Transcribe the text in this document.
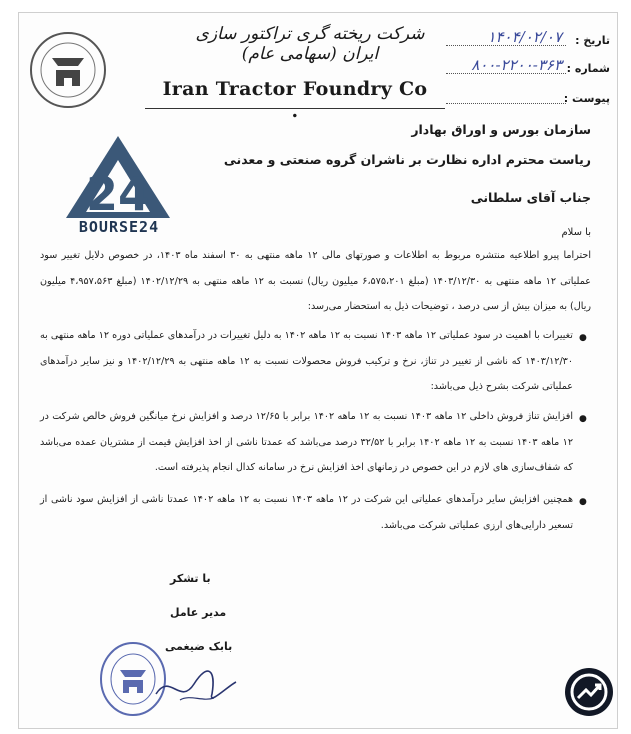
شرکت ریخته گری تراکتور سازی ایران (سهامی عام)
Iran Tractor Foundry Co .
تاریخ :
۱۴۰۴/۰۲/۰۷
شماره :
۸۰۰-۲۲۰۰-۳۶۳
پیوست :
24
BOURSE24
سازمان بورس و اوراق بهادار
ریاست محترم اداره نظارت بر ناشران گروه صنعتی و معدنی
جناب آقای سلطانی
با سلام
احتراما پیرو اطلاعیه منتشره مربوط به اطلاعات و صورتهای مالی ۱۲ ماهه منتهی به ۳۰ اسفند ماه ۱۴۰۳، در خصوص دلایل تغییر سود عملیاتی ۱۲ ماهه منتهی به ۱۴۰۳/۱۲/۳۰ (مبلغ ۶،۵۷۵،۲۰۱ میلیون ریال) نسبت به ۱۲ ماهه منتهی به ۱۴۰۲/۱۲/۲۹ (مبلغ ۴،۹۵۷،۵۶۳ میلیون ریال) به میزان بیش از سی درصد ، توضیحات ذیل به استحضار می‌رسد:
●
تغییرات با اهمیت در سود عملیاتی ۱۲ ماهه ۱۴۰۳ نسبت به ۱۲ ماهه ۱۴۰۲ به دلیل تغییرات در درآمدهای عملیاتی دوره ۱۲ ماهه منتهی به ۱۴۰۳/۱۲/۳۰ که ناشی از تغییر در تناژ، نرخ و ترکیب فروش محصولات نسبت به ۱۲ ماهه منتهی به ۱۴۰۲/۱۲/۲۹ و نیز سایر درآمدهای عملیاتی شرکت بشرح ذیل می‌باشد:
●
افزایش تناژ فروش داخلی ۱۲ ماهه ۱۴۰۳ نسبت به ۱۲ ماهه ۱۴۰۲ برابر با ۱۲/۶۵ درصد و افزایش نرخ میانگین فروش خالص شرکت در ۱۲ ماهه ۱۴۰۳ نسبت به ۱۲ ماهه ۱۴۰۲ برابر با ۳۲/۵۲ درصد می‌باشد که عمدتا ناشی از اخذ افزایش قیمت از مشتریان عمده می‌باشد که شفاف‌سازی های لازم در این خصوص در زمانهای اخذ افزایش نرخ در سامانه کدال انجام پذیرفته است.
●
همچنین افزایش سایر درآمدهای عملیاتی این شرکت در ۱۲ ماهه ۱۴۰۳ نسبت به ۱۲ ماهه ۱۴۰۲ عمدتا ناشی از افزایش سود ناشی از تسعیر دارایی‌های ارزی عملیاتی شرکت می‌باشد.
با تشکر
مدیر عامل
بابک ضیغمی
